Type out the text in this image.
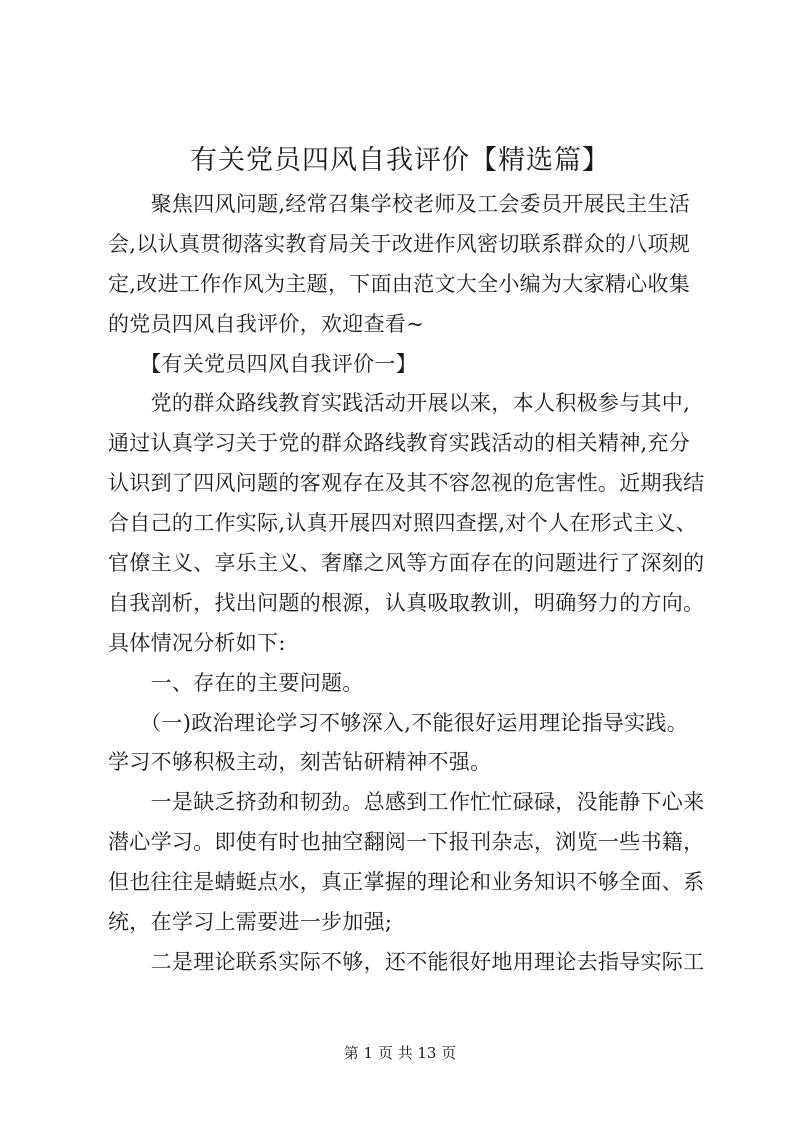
有关党员四风自我评价【精选篇】
　　聚焦四风问题,经常召集学校老师及工会委员开展民主生活
会,以认真贯彻落实教育局关于改进作风密切联系群众的八项规
定,改进工作作风为主题，下面由范文大全小编为大家精心收集
的党员四风自我评价，欢迎查看~
　　【有关党员四风自我评价一】
　　党的群众路线教育实践活动开展以来，本人积极参与其中,
通过认真学习关于党的群众路线教育实践活动的相关精神,充分
认识到了四风问题的客观存在及其不容忽视的危害性。近期我结
合自己的工作实际,认真开展四对照四查摆,对个人在形式主义、
官僚主义、享乐主义、奢靡之风等方面存在的问题进行了深刻的
自我剖析，找出问题的根源，认真吸取教训，明确努力的方向。
具体情况分析如下:
　　一、存在的主要问题。
　　（一)政治理论学习不够深入,不能很好运用理论指导实践。
学习不够积极主动，刻苦钻研精神不强。
　　一是缺乏挤劲和韧劲。总感到工作忙忙碌碌，没能静下心来
潜心学习。即使有时也抽空翻阅一下报刊杂志，浏览一些书籍，
但也往往是蜻蜓点水，真正掌握的理论和业务知识不够全面、系
统，在学习上需要进一步加强;
　　二是理论联系实际不够，还不能很好地用理论去指导实际工
第 1 页 共 13 页
